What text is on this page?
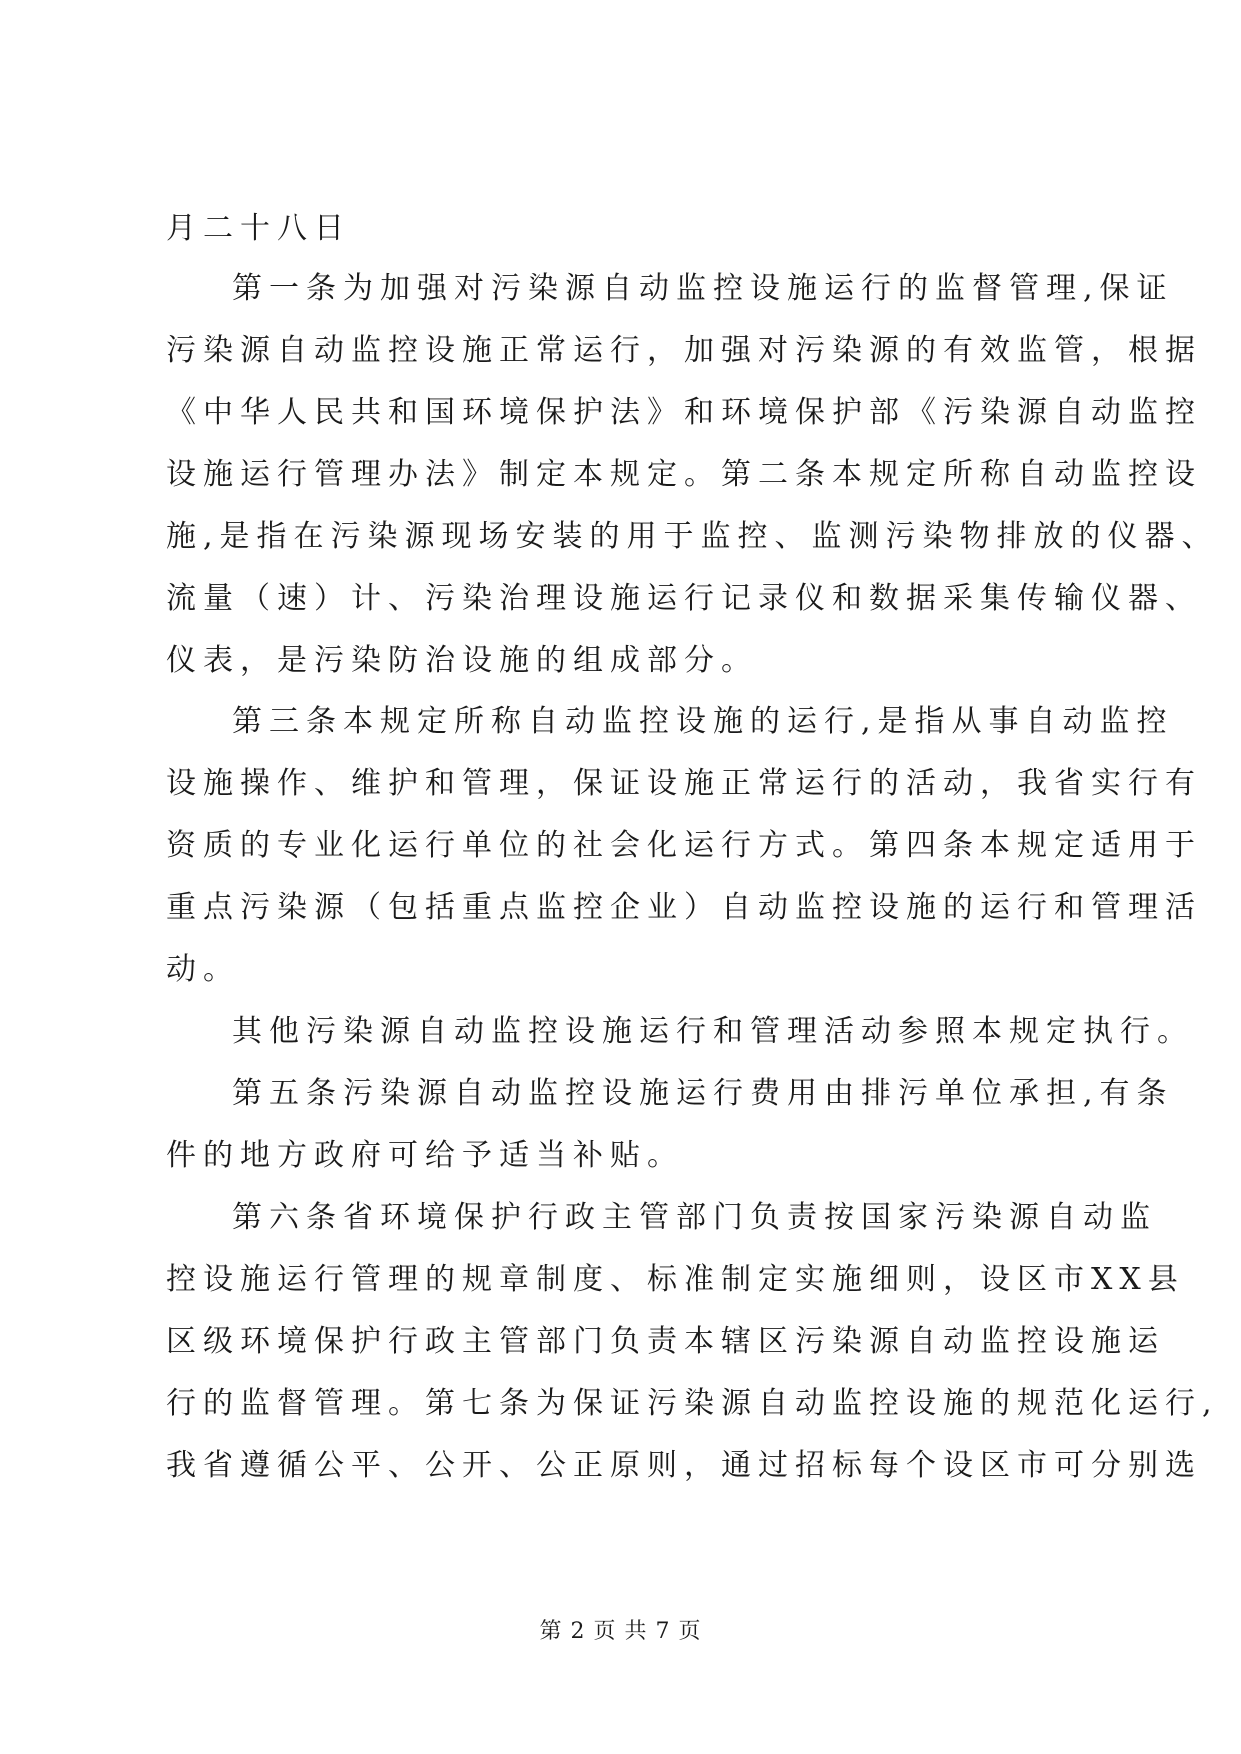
月二十八日
第一条为加强对污染源自动监控设施运行的监督管理,保证
污染源自动监控设施正常运行，加强对污染源的有效监管，根据
《中华人民共和国环境保护法》和环境保护部《污染源自动监控
设施运行管理办法》制定本规定。第二条本规定所称自动监控设
施,是指在污染源现场安装的用于监控、监测污染物排放的仪器、
流量（速）计、污染治理设施运行记录仪和数据采集传输仪器、
仪表，是污染防治设施的组成部分。
第三条本规定所称自动监控设施的运行,是指从事自动监控
设施操作、维护和管理，保证设施正常运行的活动，我省实行有
资质的专业化运行单位的社会化运行方式。第四条本规定适用于
重点污染源（包括重点监控企业）自动监控设施的运行和管理活
动。
其他污染源自动监控设施运行和管理活动参照本规定执行。
第五条污染源自动监控设施运行费用由排污单位承担,有条
件的地方政府可给予适当补贴。
第六条省环境保护行政主管部门负责按国家污染源自动监
控设施运行管理的规章制度、标准制定实施细则，设区市XX县
区级环境保护行政主管部门负责本辖区污染源自动监控设施运
行的监督管理。第七条为保证污染源自动监控设施的规范化运行,
我省遵循公平、公开、公正原则，通过招标每个设区市可分别选
第 2 页 共 7 页
